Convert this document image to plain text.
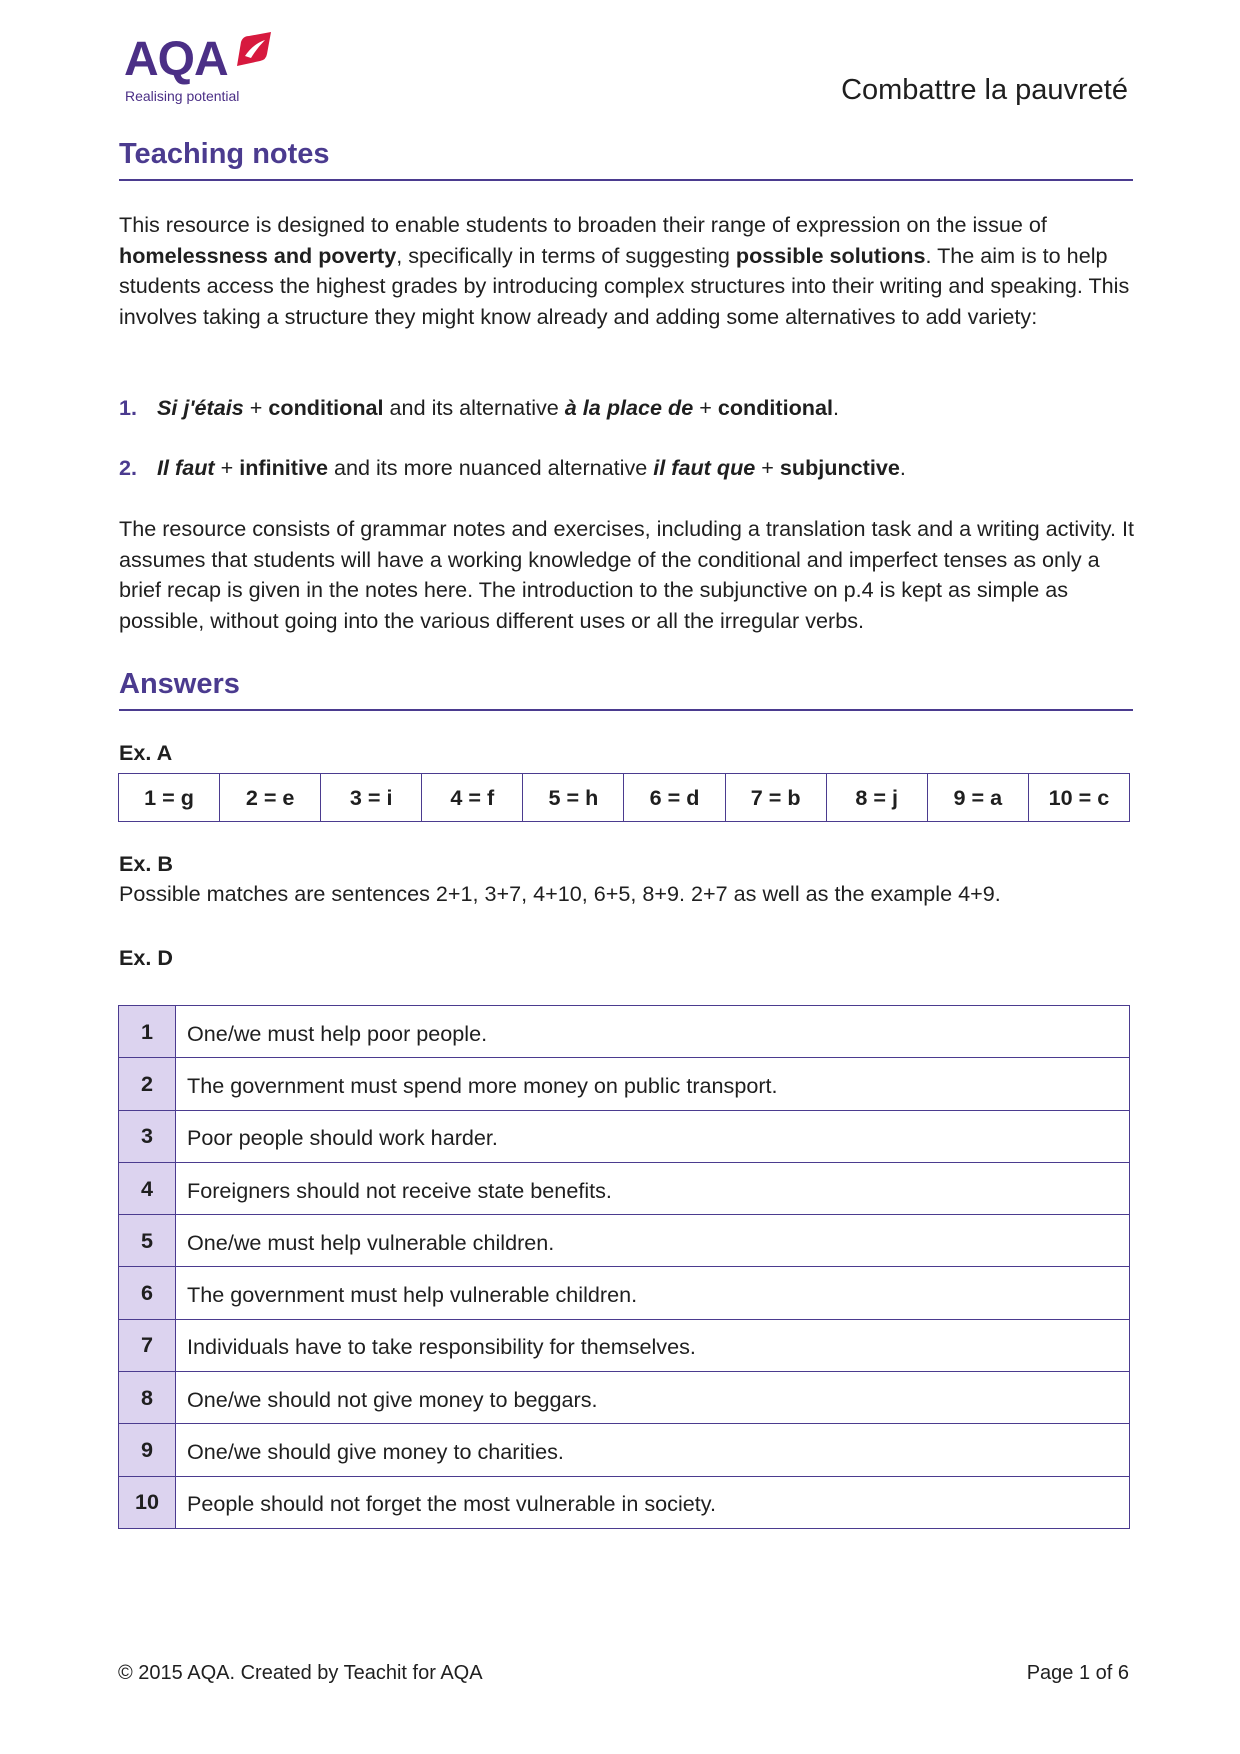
AQA
Realising potential	Combattre la pauvreté
Teaching notes
This resource is designed to enable students to broaden their range of expression on the issue of homelessness and poverty, specifically in terms of suggesting possible solutions. The aim is to help students access the highest grades by introducing complex structures into their writing and speaking. This involves taking a structure they might know already and adding some alternatives to add variety:
1. Si j'étais + conditional and its alternative à la place de + conditional.
2. Il faut + infinitive and its more nuanced alternative il faut que + subjunctive.
The resource consists of grammar notes and exercises, including a translation task and a writing activity. It assumes that students will have a working knowledge of the conditional and imperfect tenses as only a brief recap is given in the notes here. The introduction to the subjunctive on p.4 is kept as simple as possible, without going into the various different uses or all the irregular verbs.
Answers
Ex. A
1 = g	2 = e	3 = i	4 = f	5 = h	6 = d	7 = b	8 = j	9 = a	10 = c
Ex. B
Possible matches are sentences 2+1, 3+7, 4+10, 6+5, 8+9. 2+7 as well as the example 4+9.
Ex. D
1	One/we must help poor people.
2	The government must spend more money on public transport.
3	Poor people should work harder.
4	Foreigners should not receive state benefits.
5	One/we must help vulnerable children.
6	The government must help vulnerable children.
7	Individuals have to take responsibility for themselves.
8	One/we should not give money to beggars.
9	One/we should give money to charities.
10	People should not forget the most vulnerable in society.
© 2015 AQA. Created by Teachit for AQA	Page 1 of 6
